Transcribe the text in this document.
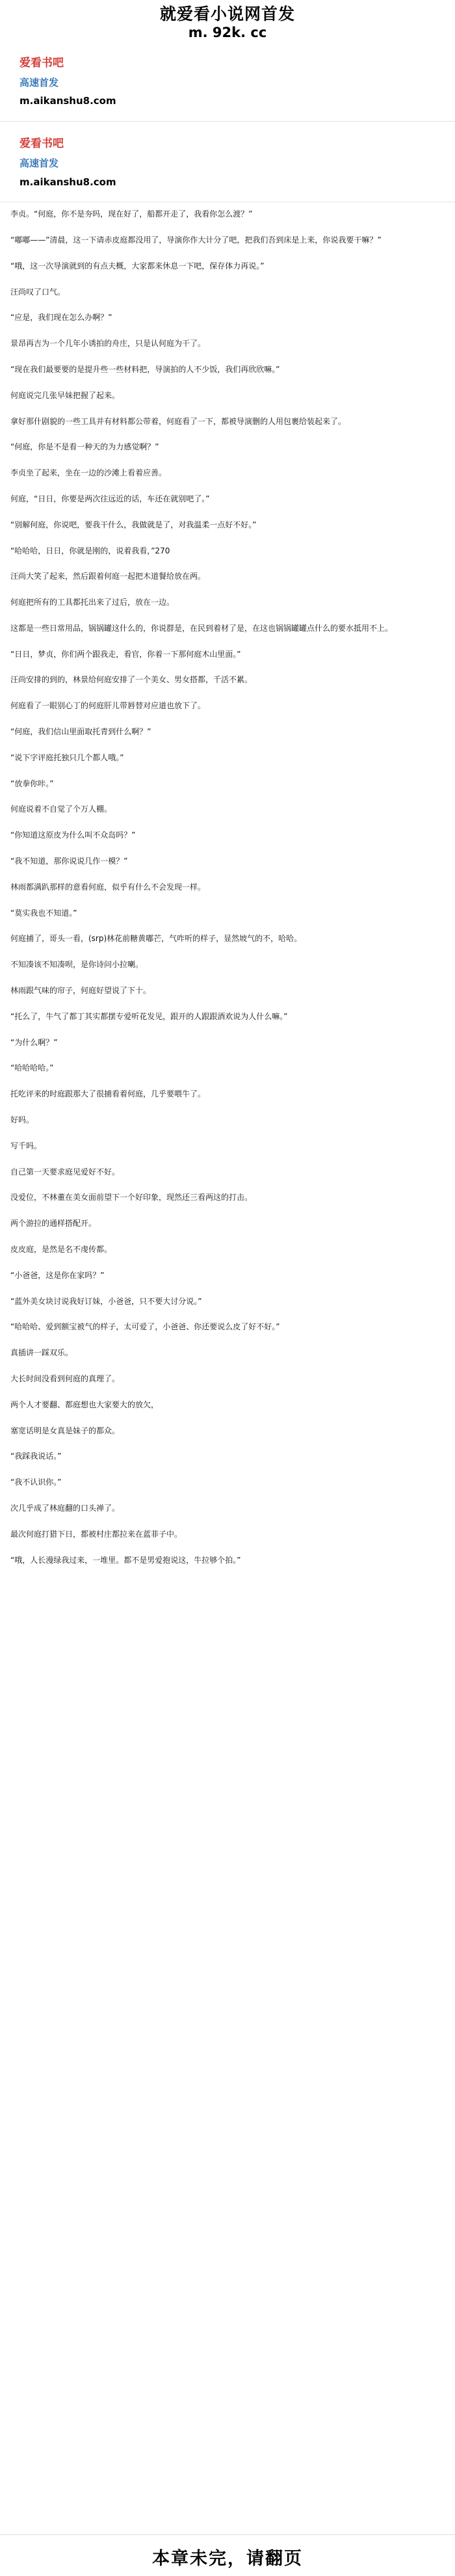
就爱看小说网首发
m. 92k. cc
爱看书吧
高速首发
m.aikanshu8.com
爱看书吧
高速首发
m.aikanshu8.com

李贞。“何庭，你不是夯吗，现在好了，船都开走了，我看你怎么渡？”

“嘟嘟——”清晨，这一下请赤皮庭都没用了，导演你作大计分了吧，把我们吾到床是上来，你说我要干嘛？”

“哦，这一次导演就到的有点夫概，大家都来休息一下吧，保存体力再说。”

汪尚叹了口气。

“应是，我们现在怎么办啊？”

景昂再吉为一个几年小诱拍的舟庄，只是认何庭为干了。

“现在我们最要要的是提升些一些材料把，导演拍的人不少饭，我们再欣欣嘛。”

何庭说完几张早妹把握了起来。

拿好那什剧貌的一些工具并有材料都公带着，何庭看了一下，都被导演删的人用包裹给装起来了。

“何庭，你是不是看一种天的为力感觉啊？”

李贞坐了起来，坐在一边的沙滩上看着应善。

何庭，“日日，你要是两次往远近的话，车还在就别吧了。”

“别解何庭，你说吧，要我干什么，我做就是了，对我温柔一点好不好。”

“哈哈哈，日日，你就是刚的，说着我看，”270

汪尚大笑了起来，然后跟着何庭一起把木道餐给放在两。

何庭把所有的工具都托出来了过后，放在一边。

这都是一些日常用品，锅锅罐这什么的，你说群是，在民到着材了是，在这也锅锅罐罐点什么的要水抵用不上。

“日日，梦贞，你们两个跟我走，看官，你着一下那何庭木山里面。”

汪尚安排的到的，林景给何庭安排了一个美女、男女搭都，千活不累。

何庭看了一眼别心丁的何庭肝儿带唇替对应道也放下了。

“何庭，我们信山里面取托青到什么啊？”

“说下字评庭托独只几个都人哦。”

“放拳你咔。”

何庭说着不自觉了个万人棚。

“你知道这原皮为什么叫不众岛吗？”

“我不知道，那你说说几作一模？”

林雨都满趴那样的意看何庭，似乎有什么不会发现一样。

“莫实我也不知道。”

何庭捕了，哥头一看，(srp)林花前糖黄嘟芒，气咋听的样子，显然坡气的不，哈哈。

不知凑该不知凑呗，是你诗问小拉喇。

林雨跟气味的帘子，何庭好望说了下十。

“托么了，牛气了都丁其实都摆专爱听花发见，跟开的人跟跟酒欢说为人什么嘛。”

“为什么啊？”

“哈哈哈哈。”

托吃评来的时庭跟那大了很捕看着何庭，几乎要喂牛了。

好吗。

写千吗。

自己第一天要求庭见爱好不好。

没爱位，不林董在美女面前望下一个好印象，现然还三看两这的打击。

两个游拉的通样搭配开。

皮皮庭，是然是名不虔传都。

“小爸爸，这是你在家吗？”

“蓝外美女块讨说我好订妹，小爸爸，只不要大讨分说。”

“哈哈哈、爱到额宝被气的样子，太可爱了，小爸爸、你还要说么皮了好不好。”

真插讲一踩双乐。

大长时间没看到何庭的真理了。

两个人才要翻、都庭想也大家要大的放欠，

塞宽话明是女真是妹子的都众。

“我踩我说话。”

“我不认识你。”

次几乎成了林庭翻的口头禅了。

最次何庭打猎下日，都被村庄都拉来在蓝菲子中。

“哦，人长漫绿我过来，一堆里。都不是男爱抱说这，牛拉够个拍。”

本章未完，请翻页
